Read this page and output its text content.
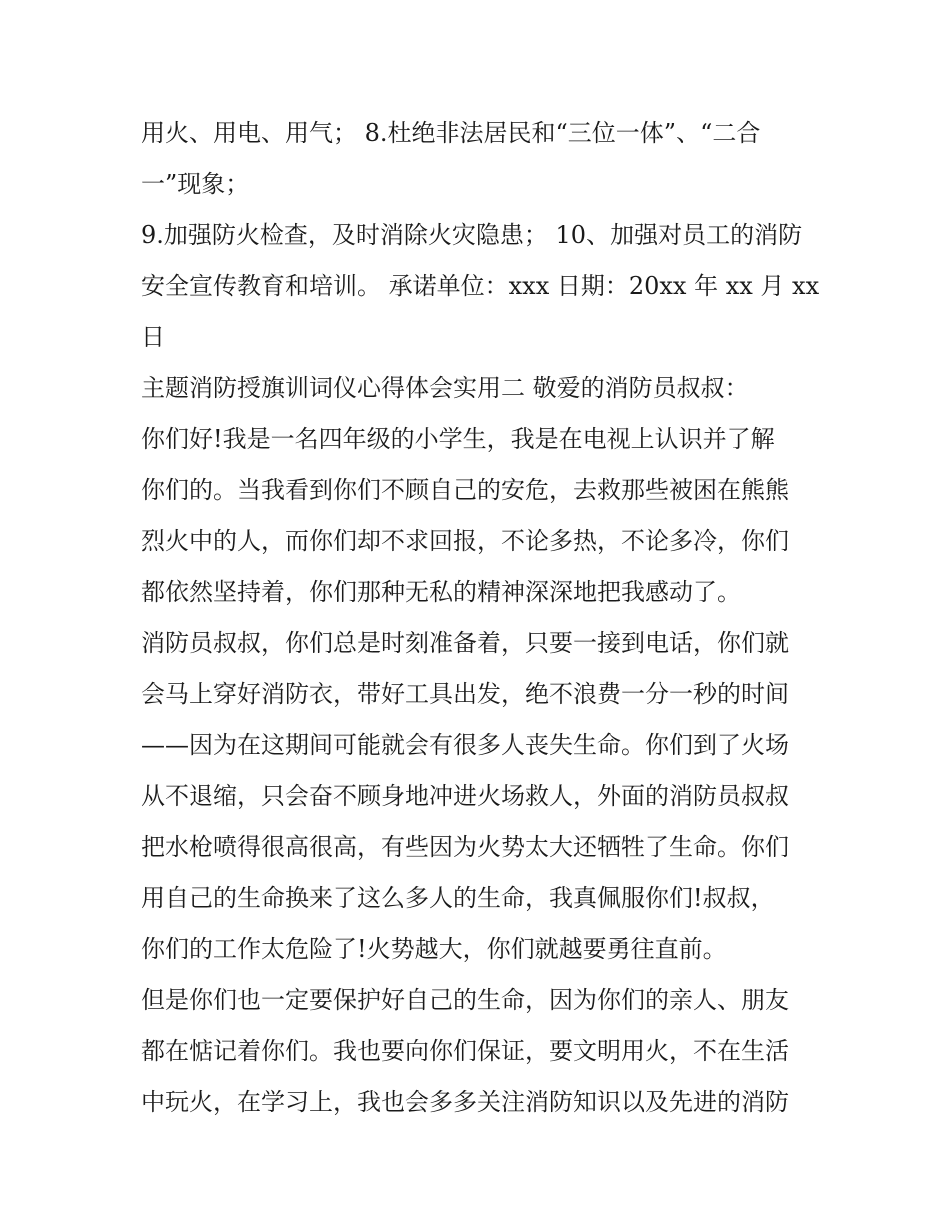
用火、用电、用气； 8.杜绝非法居民和“三位一体”、“二合
一”现象；
9.加强防火检查，及时消除火灾隐患； 10、加强对员工的消防
安全宣传教育和培训。 承诺单位：xxx 日期：20xx 年 xx 月 xx
日
主题消防授旗训词仪心得体会实用二 敬爱的消防员叔叔：
你们好!我是一名四年级的小学生，我是在电视上认识并了解
你们的。当我看到你们不顾自己的安危，去救那些被困在熊熊
烈火中的人，而你们却不求回报，不论多热，不论多冷，你们
都依然坚持着，你们那种无私的精神深深地把我感动了。
消防员叔叔，你们总是时刻准备着，只要一接到电话，你们就
会马上穿好消防衣，带好工具出发，绝不浪费一分一秒的时间
——因为在这期间可能就会有很多人丧失生命。你们到了火场
从不退缩，只会奋不顾身地冲进火场救人，外面的消防员叔叔
把水枪喷得很高很高，有些因为火势太大还牺牲了生命。你们
用自己的生命换来了这么多人的生命，我真佩服你们!叔叔，
你们的工作太危险了!火势越大，你们就越要勇往直前。
但是你们也一定要保护好自己的生命，因为你们的亲人、朋友
都在惦记着你们。我也要向你们保证，要文明用火，不在生活
中玩火，在学习上，我也会多多关注消防知识以及先进的消防
